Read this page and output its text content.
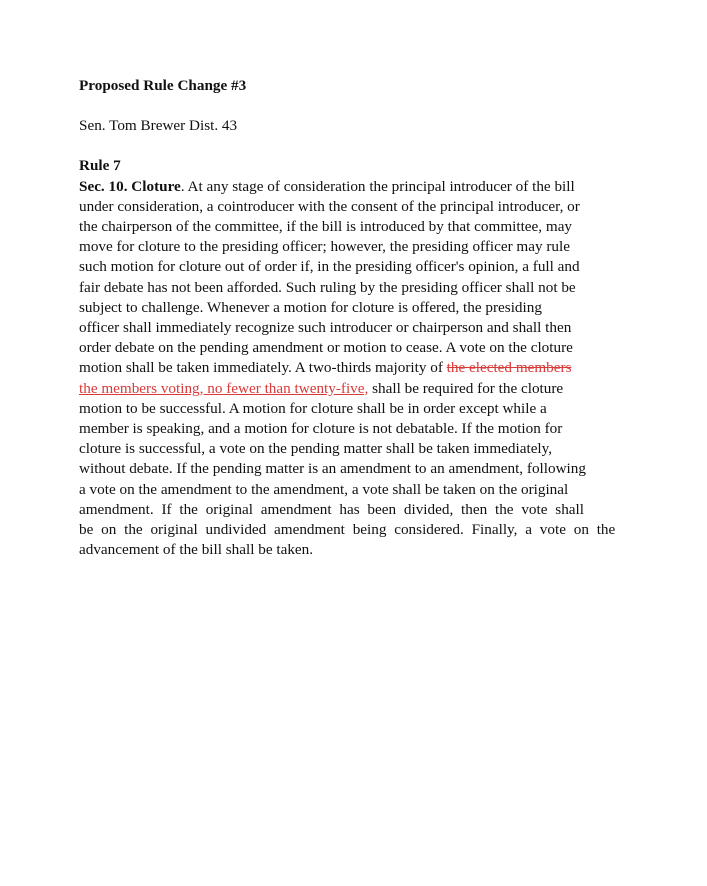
Proposed Rule Change #3

Sen. Tom Brewer Dist. 43

Rule 7

Sec. 10. Cloture. At any stage of consideration the principal introducer of the bill
under consideration, a cointroducer with the consent of the principal introducer, or
the chairperson of the committee, if the bill is introduced by that committee, may
move for cloture to the presiding officer; however, the presiding officer may rule
such motion for cloture out of order if, in the presiding officer's opinion, a full and
fair debate has not been afforded. Such ruling by the presiding officer shall not be
subject to challenge. Whenever a motion for cloture is offered, the presiding
officer shall immediately recognize such introducer or chairperson and shall then
order debate on the pending amendment or motion to cease. A vote on the cloture
motion shall be taken immediately. A two-thirds majority of the elected members
the members voting, no fewer than twenty-five, shall be required for the cloture
motion to be successful. A motion for cloture shall be in order except while a
member is speaking, and a motion for cloture is not debatable. If the motion for
cloture is successful, a vote on the pending matter shall be taken immediately,
without debate. If the pending matter is an amendment to an amendment, following
a vote on the amendment to the amendment, a vote shall be taken on the original
amendment. If the original amendment has been divided, then the vote shall
be on the original undivided amendment being considered. Finally, a vote on the
advancement of the bill shall be taken.
